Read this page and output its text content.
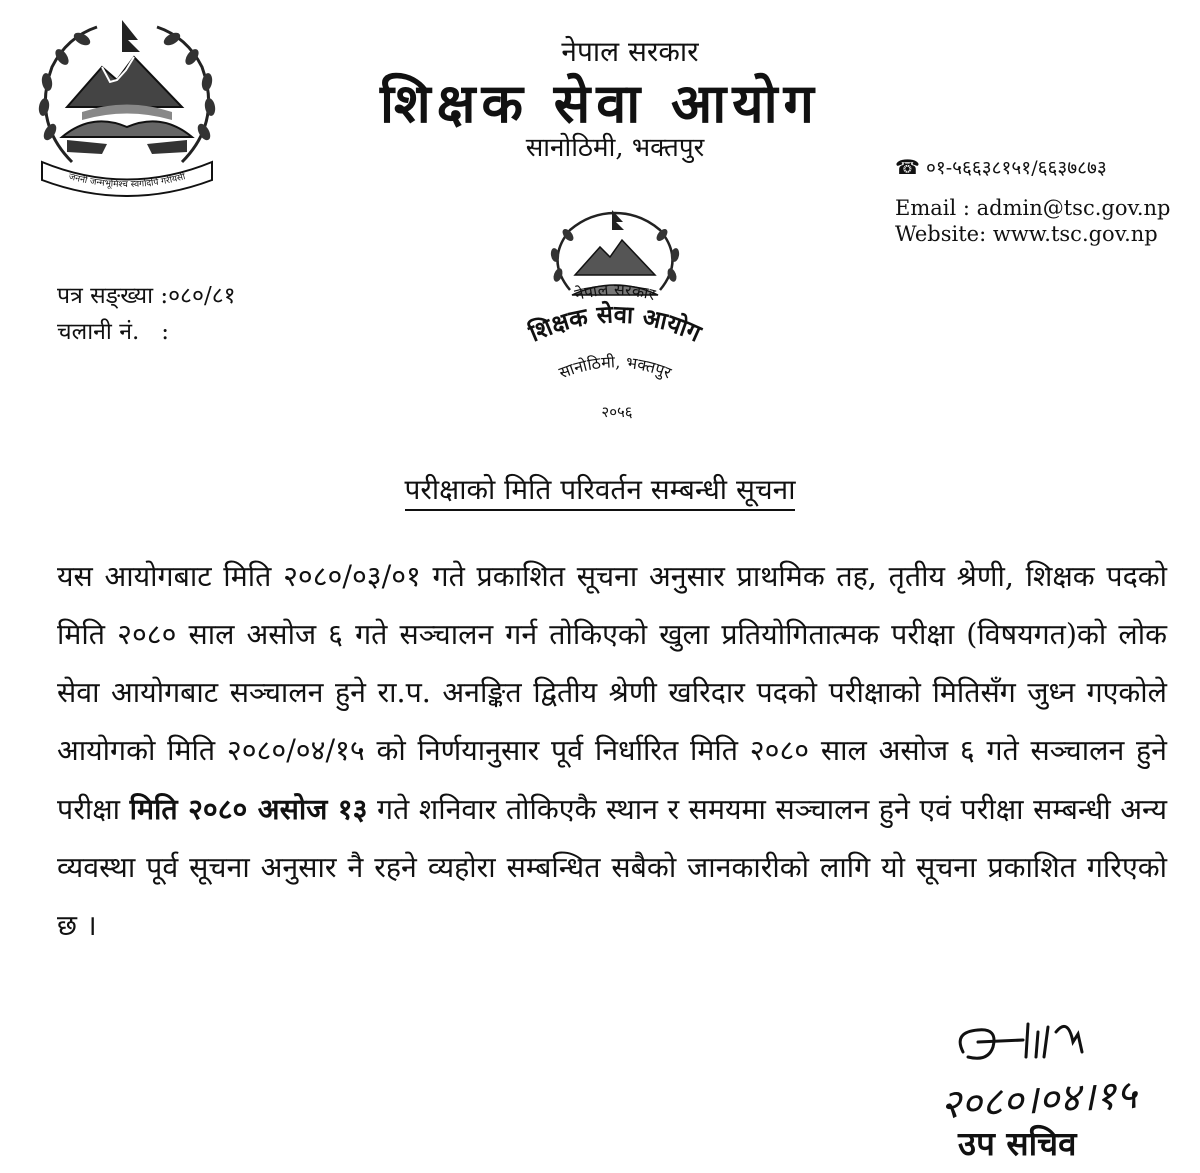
जननी जन्मभूमिश्च स्वर्गादपि गरीयसी
नेपाल सरकार
शिक्षक सेवा आयोग
सानोठिमी, भक्तपुर
☎ ०१-५६६३८१५१/६६३७८७३
Email : admin@tsc.gov.np
Website: www.tsc.gov.np
नेपाल सरकार
शिक्षक सेवा आयोग
सानोठिमी, भक्तपुर
२०५६
पत्र सङ्ख्या :०८०/८१
चलानी नं.   :
परीक्षाको मिति परिवर्तन सम्बन्धी सूचना
यस आयोगबाट मिति २०८०/०३/०१ गते प्रकाशित सूचना अनुसार प्राथमिक तह, तृतीय श्रेणी, शिक्षक पदको मिति २०८० साल असोज ६ गते सञ्चालन गर्न तोकिएको खुला प्रतियोगितात्मक परीक्षा (विषयगत)को लोक सेवा आयोगबाट सञ्चालन हुने रा.प. अनङ्कित द्वितीय श्रेणी खरिदार पदको परीक्षाको मितिसँग जुध्न गएकोले आयोगको मिति २०८०/०४/१५ को निर्णयानुसार पूर्व निर्धारित मिति २०८० साल असोज ६ गते सञ्चालन हुने परीक्षा मिति २०८० असोज १३ गते शनिवार तोकिएकै स्थान र समयमा सञ्चालन हुने एवं परीक्षा सम्बन्धी अन्य व्यवस्था पूर्व सूचना अनुसार नै रहने व्यहोरा सम्बन्धित सबैको जानकारीको लागि यो सूचना प्रकाशित गरिएको छ ।
२०८०।०४।१५
उप सचिव
